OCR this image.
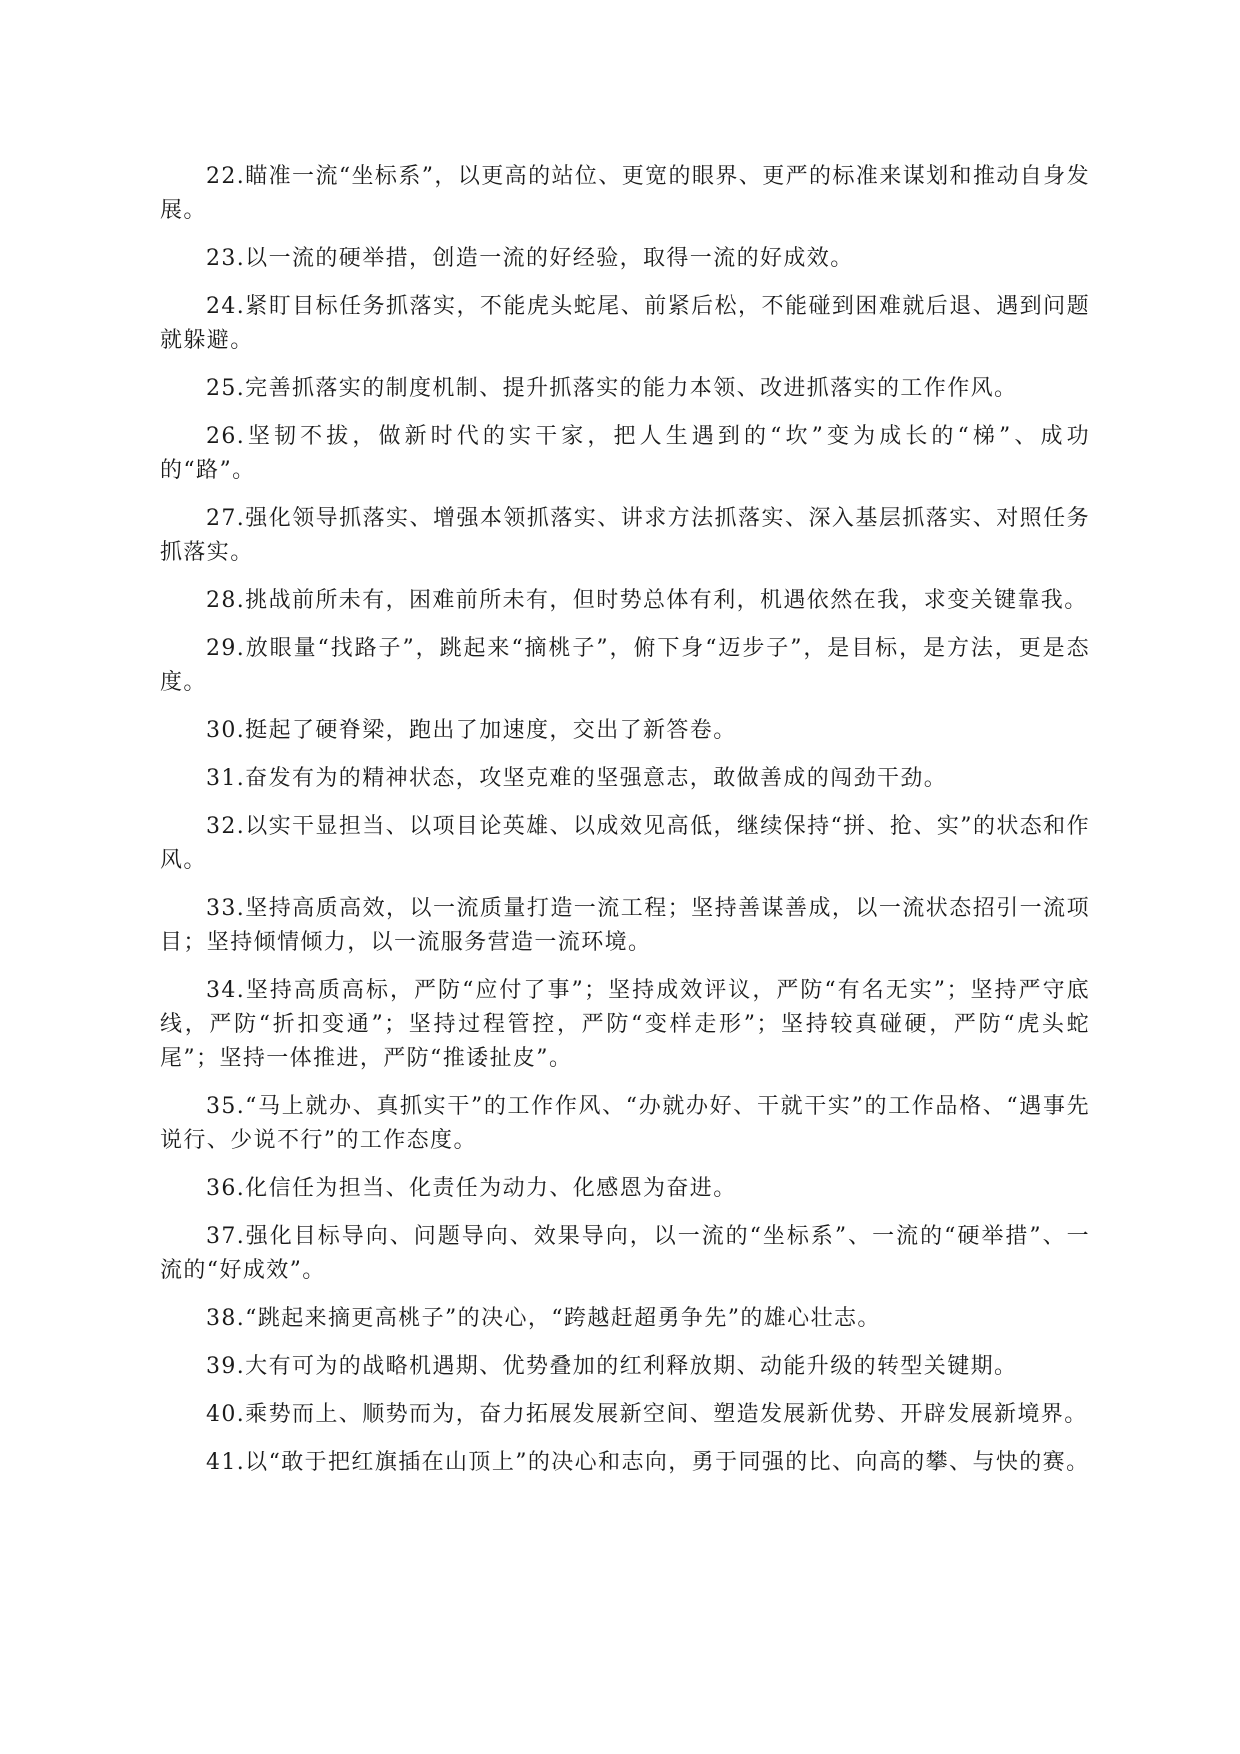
22.瞄准一流“坐标系”，以更高的站位、更宽的眼界、更严的标准来谋划和推动自身发展。

23.以一流的硬举措，创造一流的好经验，取得一流的好成效。

24.紧盯目标任务抓落实，不能虎头蛇尾、前紧后松，不能碰到困难就后退、遇到问题就躲避。

25.完善抓落实的制度机制、提升抓落实的能力本领、改进抓落实的工作作风。

26.坚韧不拔，做新时代的实干家，把人生遇到的“坎”变为成长的“梯”、成功的“路”。

27.强化领导抓落实、增强本领抓落实、讲求方法抓落实、深入基层抓落实、对照任务抓落实。

28.挑战前所未有，困难前所未有，但时势总体有利，机遇依然在我，求变关键靠我。

29.放眼量“找路子”，跳起来“摘桃子”，俯下身“迈步子”，是目标，是方法，更是态度。

30.挺起了硬脊梁，跑出了加速度，交出了新答卷。

31.奋发有为的精神状态，攻坚克难的坚强意志，敢做善成的闯劲干劲。

32.以实干显担当、以项目论英雄、以成效见高低，继续保持“拼、抢、实”的状态和作风。

33.坚持高质高效，以一流质量打造一流工程；坚持善谋善成，以一流状态招引一流项目；坚持倾情倾力，以一流服务营造一流环境。

34.坚持高质高标，严防“应付了事”；坚持成效评议，严防“有名无实”；坚持严守底线，严防“折扣变通”；坚持过程管控，严防“变样走形”；坚持较真碰硬，严防“虎头蛇尾”；坚持一体推进，严防“推诿扯皮”。

35.“马上就办、真抓实干”的工作作风、“办就办好、干就干实”的工作品格、“遇事先说行、少说不行”的工作态度。

36.化信任为担当、化责任为动力、化感恩为奋进。

37.强化目标导向、问题导向、效果导向，以一流的“坐标系”、一流的“硬举措”、一流的“好成效”。

38.“跳起来摘更高桃子”的决心，“跨越赶超勇争先”的雄心壮志。

39.大有可为的战略机遇期、优势叠加的红利释放期、动能升级的转型关键期。

40.乘势而上、顺势而为，奋力拓展发展新空间、塑造发展新优势、开辟发展新境界。

41.以“敢于把红旗插在山顶上”的决心和志向，勇于同强的比、向高的攀、与快的赛。
